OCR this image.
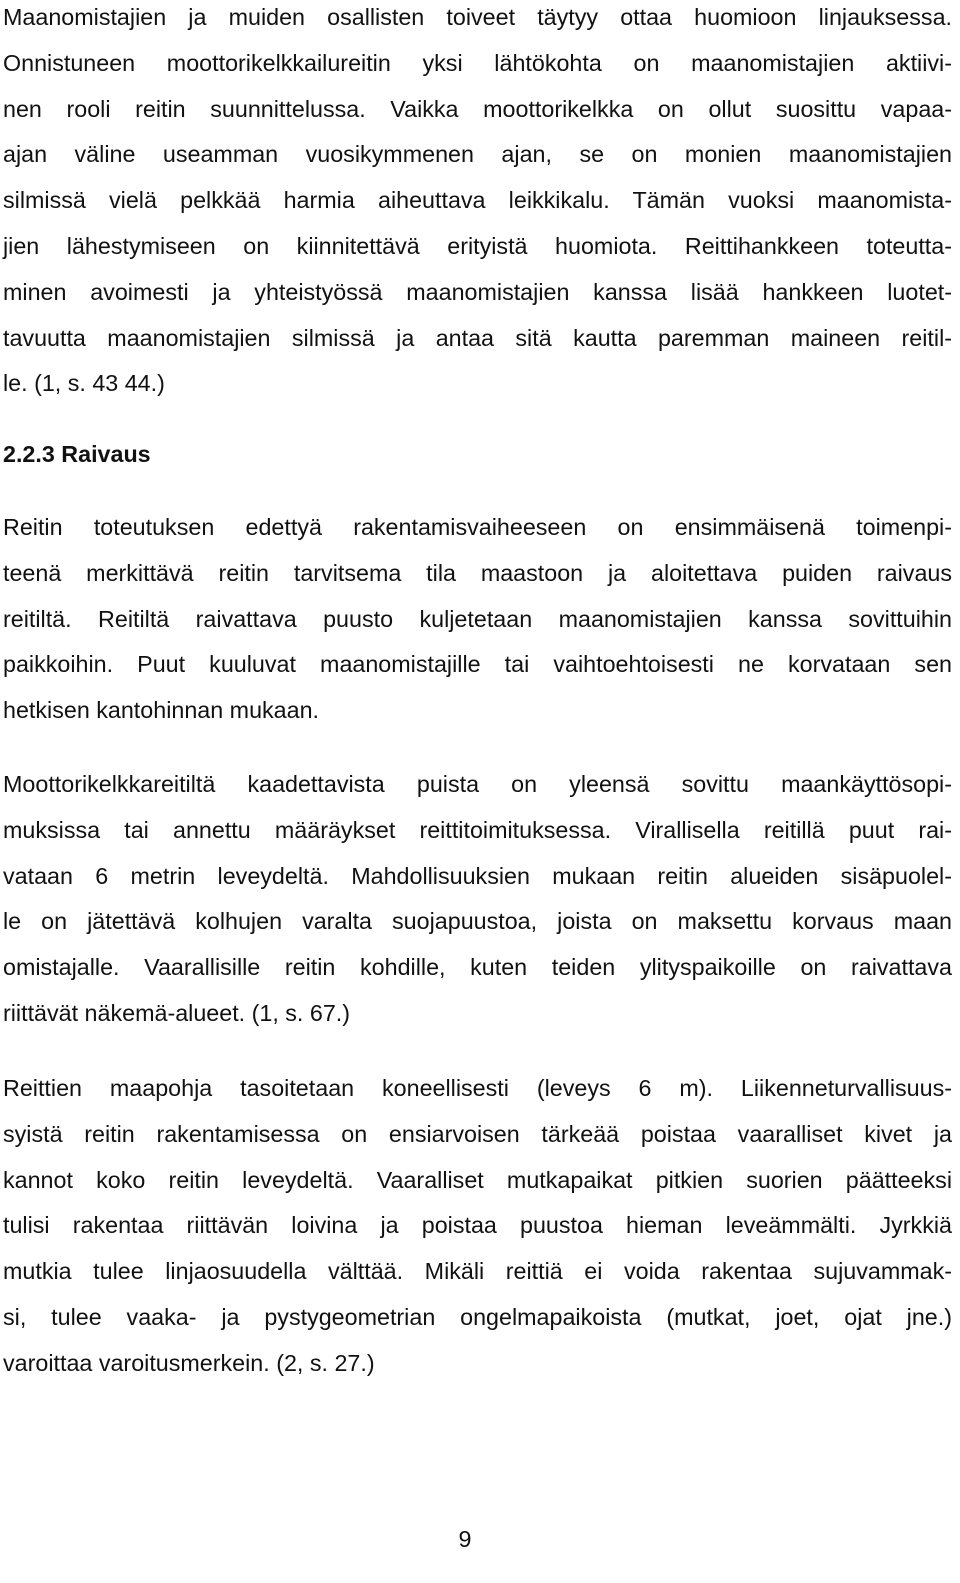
Maanomistajien ja muiden osallisten toiveet täytyy ottaa huomioon linjauksessa.
Onnistuneen moottorikelkkailureitin yksi lähtökohta on maanomistajien aktiivi-
nen rooli reitin suunnittelussa. Vaikka moottorikelkka on ollut suosittu vapaa-
ajan väline useamman vuosikymmenen ajan, se on monien maanomistajien
silmissä vielä pelkkää harmia aiheuttava leikkikalu. Tämän vuoksi maanomista-
jien lähestymiseen on kiinnitettävä erityistä huomiota. Reittihankkeen toteutta-
minen avoimesti ja yhteistyössä maanomistajien kanssa lisää hankkeen luotet-
tavuutta maanomistajien silmissä ja antaa sitä kautta paremman maineen reitil-
le. (1, s. 43 44.)
2.2.3 Raivaus
Reitin toteutuksen edettyä rakentamisvaiheeseen on ensimmäisenä toimenpi-
teenä merkittävä reitin tarvitsema tila maastoon ja aloitettava puiden raivaus
reitiltä. Reitiltä raivattava puusto kuljetetaan maanomistajien kanssa sovittuihin
paikkoihin. Puut kuuluvat maanomistajille tai vaihtoehtoisesti ne korvataan sen
hetkisen kantohinnan mukaan.
Moottorikelkkareitiltä kaadettavista puista on yleensä sovittu maankäyttösopi-
muksissa tai annettu määräykset reittitoimituksessa. Virallisella reitillä puut rai-
vataan 6 metrin leveydeltä. Mahdollisuuksien mukaan reitin alueiden sisäpuolel-
le on jätettävä kolhujen varalta suojapuustoa, joista on maksettu korvaus maan
omistajalle. Vaarallisille reitin kohdille, kuten teiden ylityspaikoille on raivattava
riittävät näkemä-alueet. (1, s. 67.)
Reittien maapohja tasoitetaan koneellisesti (leveys 6 m). Liikenneturvallisuus-
syistä reitin rakentamisessa on ensiarvoisen tärkeää poistaa vaaralliset kivet ja
kannot koko reitin leveydeltä. Vaaralliset mutkapaikat pitkien suorien päätteeksi
tulisi rakentaa riittävän loivina ja poistaa puustoa hieman leveämmälti. Jyrkkiä
mutkia tulee linjaosuudella välttää. Mikäli reittiä ei voida rakentaa sujuvammak-
si, tulee vaaka- ja pystygeometrian ongelmapaikoista (mutkat, joet, ojat jne.)
varoittaa varoitusmerkein. (2, s. 27.)
9
